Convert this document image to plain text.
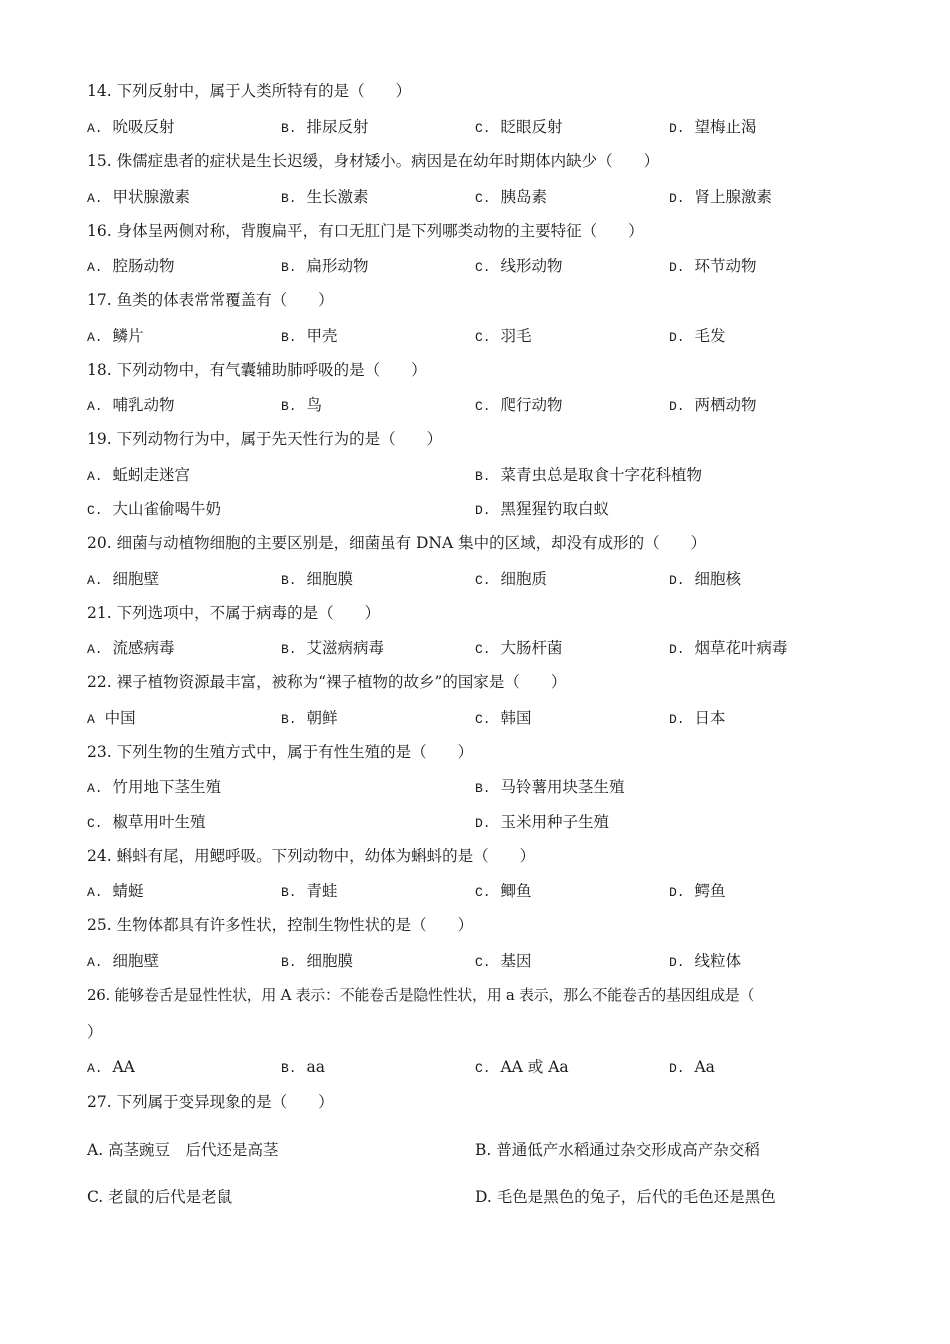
14. 下列反射中，属于人类所特有的是（　　）
A. 吮吸反射	B. 排尿反射	C. 眨眼反射	D. 望梅止渴
15. 侏儒症患者的症状是生长迟缓，身材矮小。病因是在幼年时期体内缺少（　　）
A. 甲状腺激素	B. 生长激素	C. 胰岛素	D. 肾上腺激素
16. 身体呈两侧对称，背腹扁平，有口无肛门是下列哪类动物的主要特征（　　）
A. 腔肠动物	B. 扁形动物	C. 线形动物	D. 环节动物
17. 鱼类的体表常常覆盖有（　　）
A. 鳞片	B. 甲壳	C. 羽毛	D. 毛发
18. 下列动物中，有气囊辅助肺呼吸的是（　　）
A. 哺乳动物	B. 鸟	C. 爬行动物	D. 两栖动物
19. 下列动物行为中，属于先天性行为的是（　　）
A. 蚯蚓走迷宫	B. 菜青虫总是取食十字花科植物
C. 大山雀偷喝牛奶	D. 黑猩猩钓取白蚁
20. 细菌与动植物细胞的主要区别是，细菌虽有 DNA 集中的区域，却没有成形的（　　）
A. 细胞壁	B. 细胞膜	C. 细胞质	D. 细胞核
21. 下列选项中，不属于病毒的是（　　）
A. 流感病毒	B. 艾滋病病毒	C. 大肠杆菌	D. 烟草花叶病毒
22. 裸子植物资源最丰富，被称为“裸子植物的故乡”的国家是（　　）
A 中国	B. 朝鲜	C. 韩国	D. 日本
23. 下列生物的生殖方式中，属于有性生殖的是（　　）
A. 竹用地下茎生殖	B. 马铃薯用块茎生殖
C. 椒草用叶生殖	D. 玉米用种子生殖
24. 蝌蚪有尾，用鳃呼吸。下列动物中，幼体为蝌蚪的是（　　）
A. 蜻蜓	B. 青蛙	C. 鲫鱼	D. 鳄鱼
25. 生物体都具有许多性状，控制生物性状的是（　　）
A. 细胞壁	B. 细胞膜	C. 基因	D. 线粒体
26. 能够卷舌是显性性状，用 A 表示：不能卷舌是隐性性状，用 a 表示，那么不能卷舌的基因组成是（
）
A. AA	B. aa	C. AA 或 Aa	D. Aa
27. 下列属于变异现象的是（　　）
A. 高茎豌豆　后代还是高茎	B. 普通低产水稻通过杂交形成高产杂交稻
C. 老鼠的后代是老鼠	D. 毛色是黑色的兔子，后代的毛色还是黑色
